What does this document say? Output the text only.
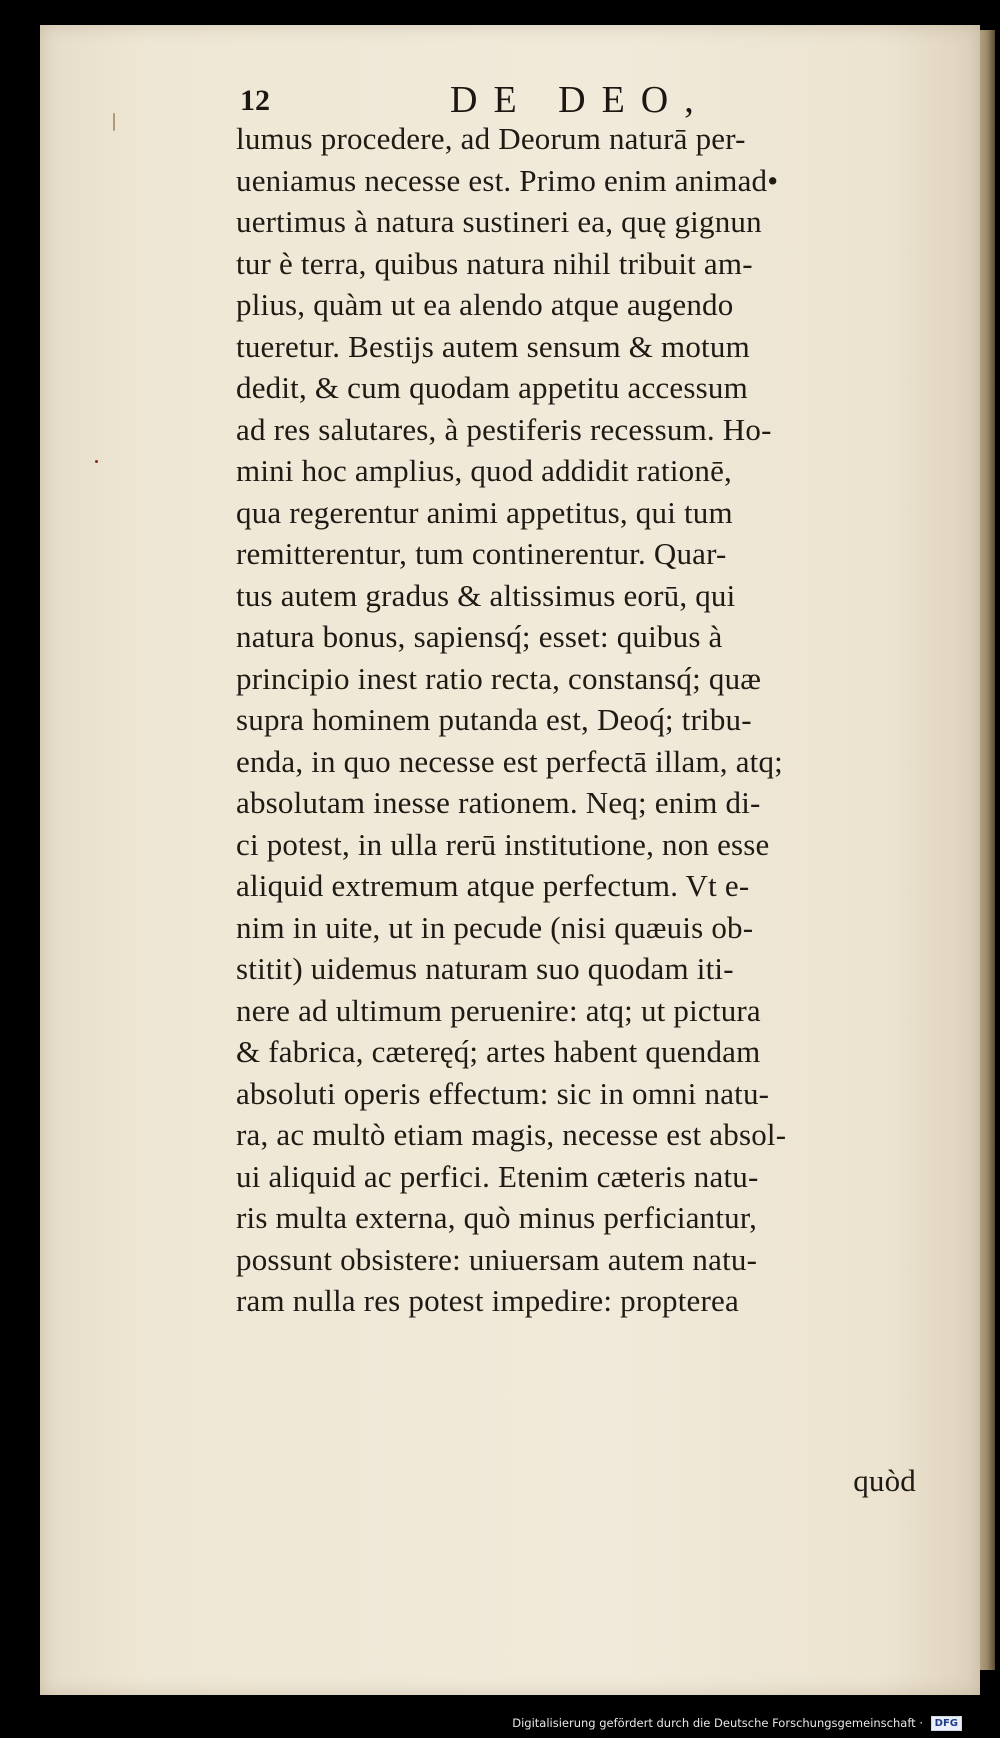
12	DE DEO,
lumus procedere, ad Deorum naturā per-
ueniamus necesse est. Primo enim animad•
uertimus à natura sustineri ea, quę gignun
tur è terra, quibus natura nihil tribuit am-
plius, quàm ut ea alendo atque augendo
tueretur. Bestijs autem sensum & motum
dedit, & cum quodam appetitu accessum
ad res salutares, à pestiferis recessum. Ho-
mini hoc amplius, quod addidit rationē,
qua regerentur animi appetitus, qui tum
remitterentur, tum continerentur. Quar-
tus autem gradus & altissimus eorū, qui
natura bonus, sapiensq́; esset: quibus à
principio inest ratio recta, constansq́; quæ
supra hominem putanda est, Deoq́; tribu-
enda, in quo necesse est perfectā illam, atq;
absolutam inesse rationem. Neq; enim di-
ci potest, in ulla rerū institutione, non esse
aliquid extremum atque perfectum. Vt e-
nim in uite, ut in pecude (nisi quæuis ob-
stitit) uidemus naturam suo quodam iti-
nere ad ultimum peruenire: atq; ut pictura
& fabrica, cæteręq́; artes habent quendam
absoluti operis effectum: sic in omni natu-
ra, ac multò etiam magis, necesse est absol-
ui aliquid ac perfici. Etenim cæteris natu-
ris multa externa, quò minus perficiantur,
possunt obsistere: uniuersam autem natu-
ram nulla res potest impedire: propterea
quòd
Digitalisierung gefördert durch die Deutsche Forschungsgemeinschaft · DFG
